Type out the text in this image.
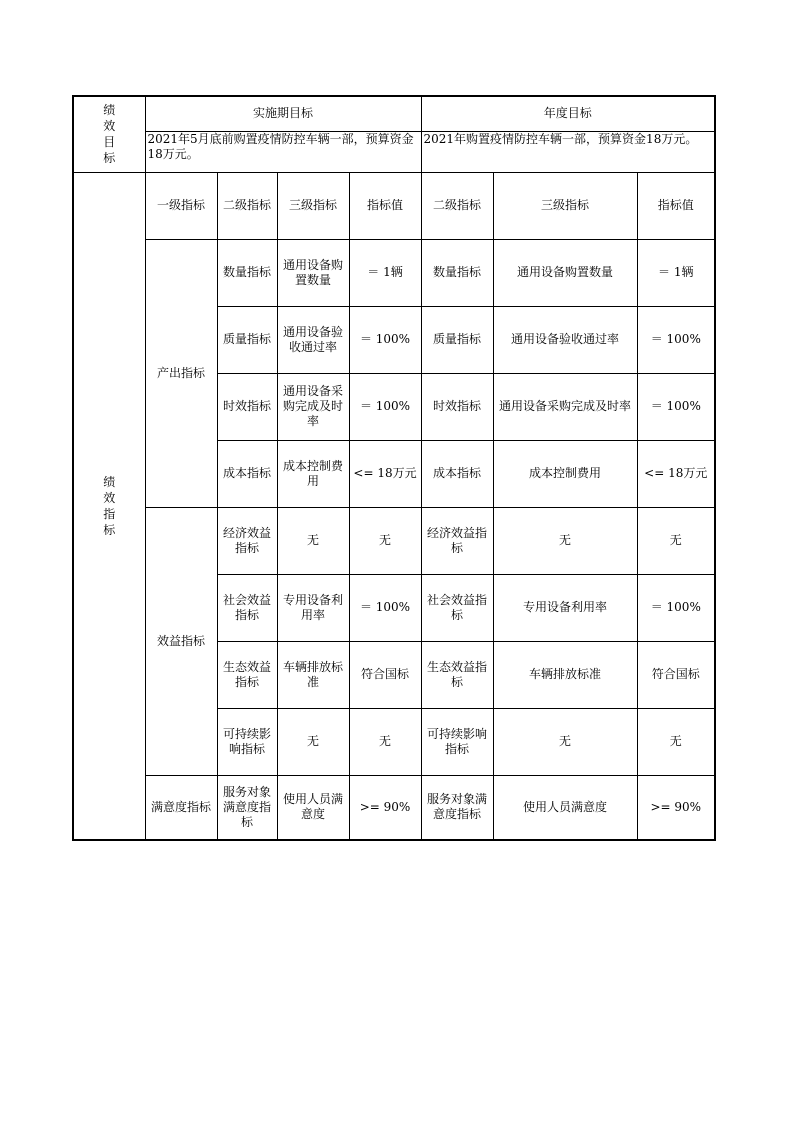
绩
效
目
标	实施期目标				年度目标		
	2021年5月底前购置疫情防控车辆一部，预算资金18万元。				2021年购置疫情防控车辆一部，预算资金18万元。		

绩
效
指
标	一级指标	二级指标	三级指标	指标值	二级指标	三级指标	指标值
	产出指标	数量指标	通用设备购置数量	＝ 1辆	数量指标	通用设备购置数量	＝ 1辆
		质量指标	通用设备验收通过率	＝ 100%	质量指标	通用设备验收通过率	＝ 100%
		时效指标	通用设备采购完成及时率	＝ 100%	时效指标	通用设备采购完成及时率	＝ 100%
		成本指标	成本控制费用	<= 18万元	成本指标	成本控制费用	<= 18万元
	效益指标	经济效益指标	无	无	经济效益指标	无	无
		社会效益指标	专用设备利用率	＝ 100%	社会效益指标	专用设备利用率	＝ 100%
		生态效益指标	车辆排放标准	符合国标	生态效益指标	车辆排放标准	符合国标
		可持续影响指标	无	无	可持续影响指标	无	无
	满意度指标	服务对象满意度指标	使用人员满意度	>= 90%	服务对象满意度指标	使用人员满意度	>= 90%
